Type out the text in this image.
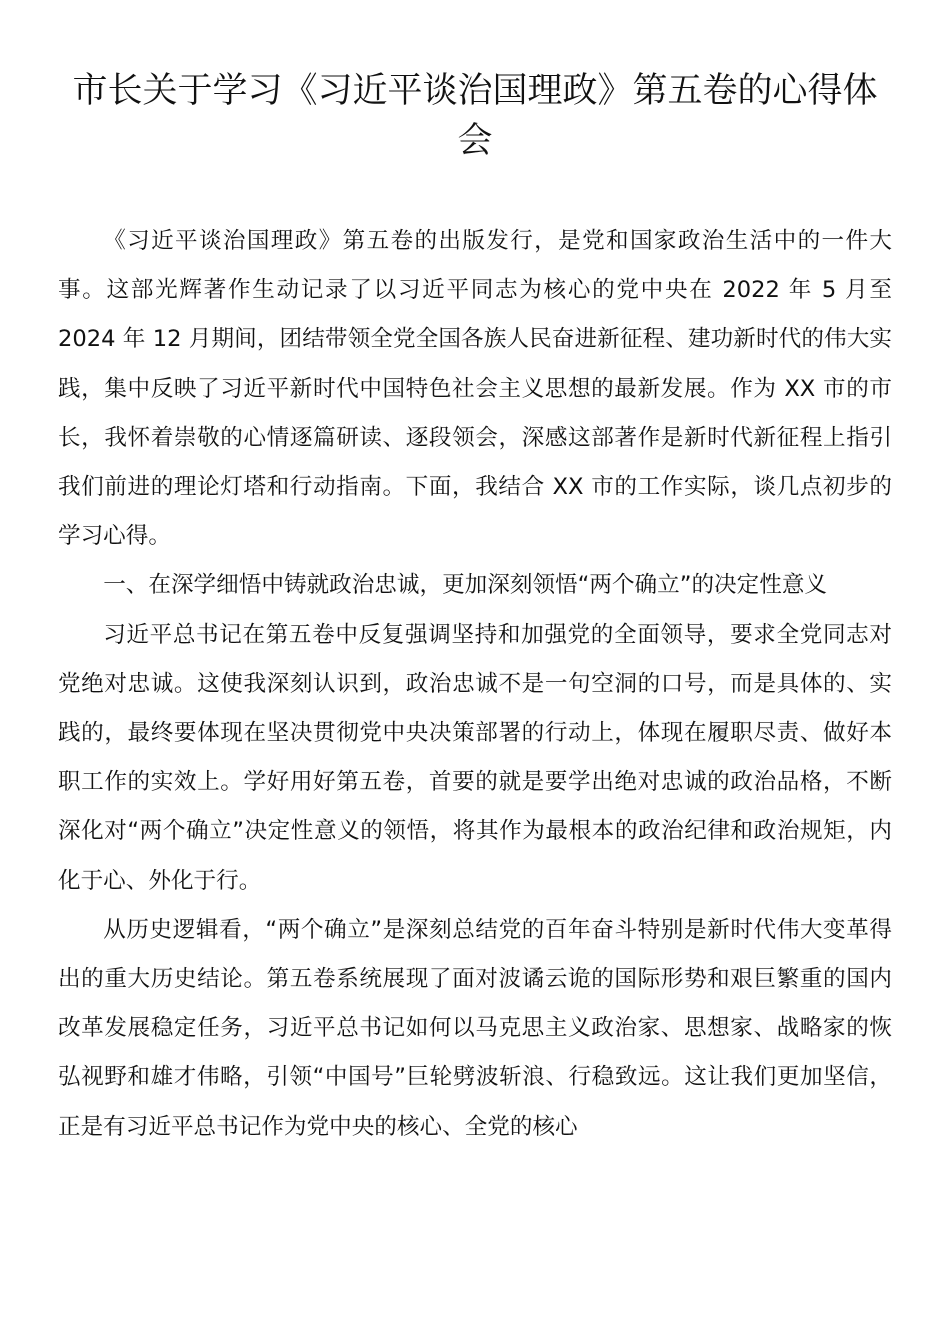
市长关于学习《习近平谈治国理政》第五卷的心得体会

《习近平谈治国理政》第五卷的出版发行，是党和国家政治生活中的一件大事。这部光辉著作生动记录了以习近平同志为核心的党中央在 2022 年 5 月至 2024 年 12 月期间，团结带领全党全国各族人民奋进新征程、建功新时代的伟大实践，集中反映了习近平新时代中国特色社会主义思想的最新发展。作为 XX 市的市长，我怀着崇敬的心情逐篇研读、逐段领会，深感这部著作是新时代新征程上指引我们前进的理论灯塔和行动指南。下面，我结合 XX 市的工作实际，谈几点初步的学习心得。

一、在深学细悟中铸就政治忠诚，更加深刻领悟“两个确立”的决定性意义

习近平总书记在第五卷中反复强调坚持和加强党的全面领导，要求全党同志对党绝对忠诚。这使我深刻认识到，政治忠诚不是一句空洞的口号，而是具体的、实践的，最终要体现在坚决贯彻党中央决策部署的行动上，体现在履职尽责、做好本职工作的实效上。学好用好第五卷，首要的就是要学出绝对忠诚的政治品格，不断深化对“两个确立”决定性意义的领悟，将其作为最根本的政治纪律和政治规矩，内化于心、外化于行。

从历史逻辑看，“两个确立”是深刻总结党的百年奋斗特别是新时代伟大变革得出的重大历史结论。第五卷系统展现了面对波谲云诡的国际形势和艰巨繁重的国内改革发展稳定任务，习近平总书记如何以马克思主义政治家、思想家、战略家的恢弘视野和雄才伟略，引领“中国号”巨轮劈波斩浪、行稳致远。这让我们更加坚信，正是有习近平总书记作为党中央的核心、全党的核心
